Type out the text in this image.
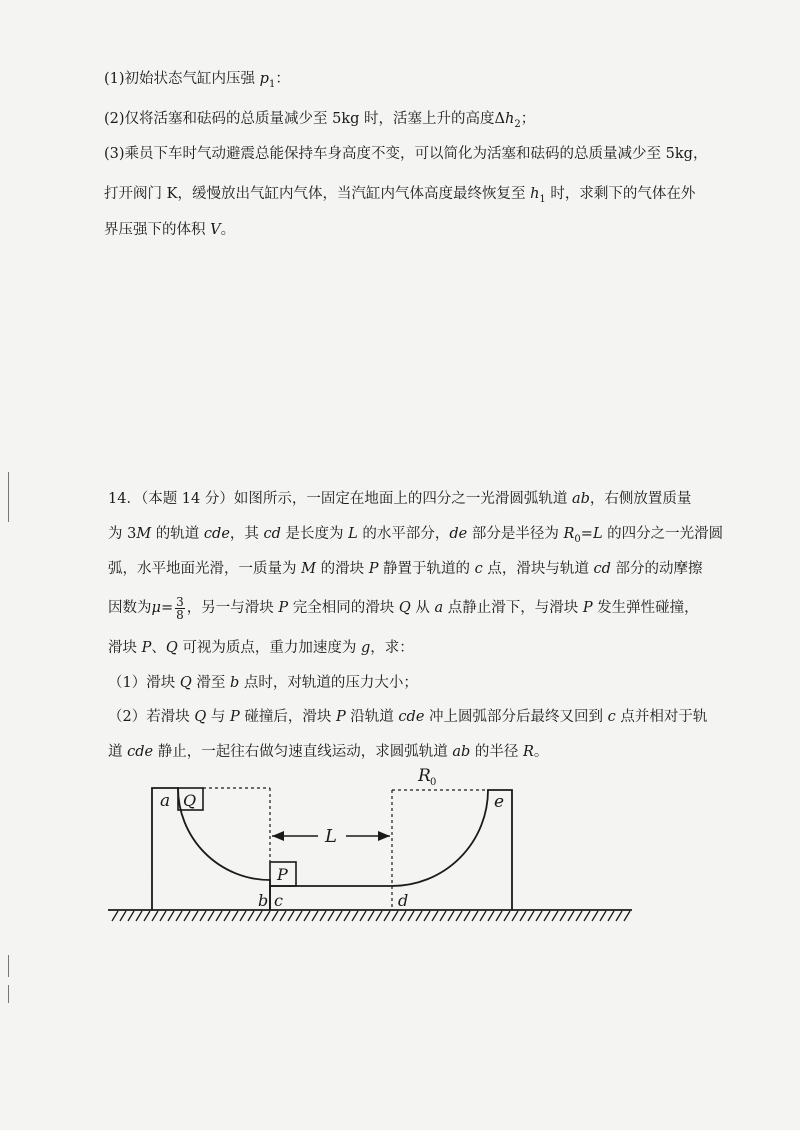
(1)初始状态气缸内压强 $p_1$：
(2)仅将活塞和砝码的总质量减少至 5kg 时，活塞上升的高度$\Delta h_2$；
(3)乘员下车时气动避震总能保持车身高度不变，可以简化为活塞和砝码的总质量减少至 5kg，
打开阀门 K，缓慢放出气缸内气体，当汽缸内气体高度最终恢复至 $h_1$ 时，求剩下的气体在外
界压强下的体积 V。
14．（本题 14 分）如图所示，一固定在地面上的四分之一光滑圆弧轨道 ab，右侧放置质量
为 3M 的轨道 cde，其 cd 是长度为 L 的水平部分，de 部分是半径为 $R_0=L$ 的四分之一光滑圆
弧，水平地面光滑，一质量为 M 的滑块 P 静置于轨道的 c 点，滑块与轨道 cd 部分的动摩擦
因数为$\mu= \frac{3}{8}$ ，另一与滑块 P 完全相同的滑块 Q 从 a 点静止滑下，与滑块 P 发生弹性碰撞，
滑块 P、Q 可视为质点，重力加速度为 g，求：
（1）滑块 Q 滑至 b 点时，对轨道的压力大小；
（2）若滑块 Q 与 P 碰撞后，滑块 P 沿轨道 cde 冲上圆弧部分后最终又回到 c 点并相对于轨
道 cde 静止，一起往右做匀速直线运动，求圆弧轨道 ab 的半径 R。
a Q
R 0
e
L
P
b c	d
